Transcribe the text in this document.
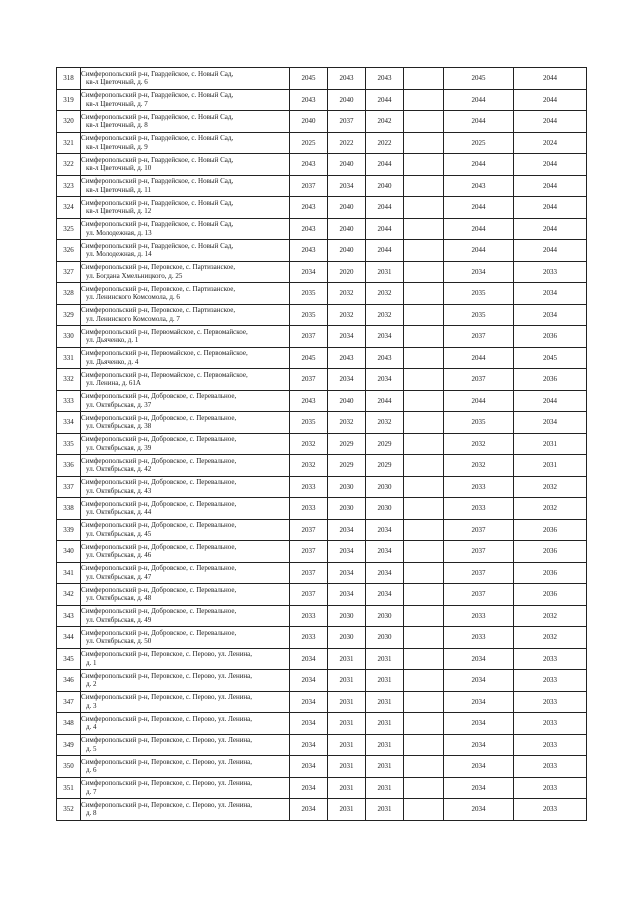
318	Симферопольский р-н, Гвардейское, с. Новый Сад,
кв-л Цветочный, д. 6	2045	2043	2043		2045	2044
319	Симферопольский р-н, Гвардейское, с. Новый Сад,
кв-л Цветочный, д. 7	2043	2040	2044		2044	2044
320	Симферопольский р-н, Гвардейское, с. Новый Сад,
кв-л Цветочный, д. 8	2040	2037	2042		2044	2044
321	Симферопольский р-н, Гвардейское, с. Новый Сад,
кв-л Цветочный, д. 9	2025	2022	2022		2025	2024
322	Симферопольский р-н, Гвардейское, с. Новый Сад,
кв-л Цветочный, д. 10	2043	2040	2044		2044	2044
323	Симферопольский р-н, Гвардейское, с. Новый Сад,
кв-л Цветочный, д. 11	2037	2034	2040		2043	2044
324	Симферопольский р-н, Гвардейское, с. Новый Сад,
кв-л Цветочный, д. 12	2043	2040	2044		2044	2044
325	Симферопольский р-н, Гвардейское, с. Новый Сад,
ул. Молодежная, д. 13	2043	2040	2044		2044	2044
326	Симферопольский р-н, Гвардейское, с. Новый Сад,
ул. Молодежная, д. 14	2043	2040	2044		2044	2044
327	Симферопольский р-н, Перовское, с. Партизанское,
ул. Богдана Хмельницкого, д. 25	2034	2020	2031		2034	2033
328	Симферопольский р-н, Перовское, с. Партизанское,
ул. Ленинского Комсомола, д. 6	2035	2032	2032		2035	2034
329	Симферопольский р-н, Перовское, с. Партизанское,
ул. Ленинского Комсомола, д. 7	2035	2032	2032		2035	2034
330	Симферопольский р-н, Первомайское, с. Первомайское,
ул. Дьяченко, д. 1	2037	2034	2034		2037	2036
331	Симферопольский р-н, Первомайское, с. Первомайское,
ул. Дьяченко, д. 4	2045	2043	2043		2044	2045
332	Симферопольский р-н, Первомайское, с. Первомайское,
ул. Ленина, д. 61А	2037	2034	2034		2037	2036
333	Симферопольский р-н, Добровское, с. Перевальное,
ул. Октябрьская, д. 37	2043	2040	2044		2044	2044
334	Симферопольский р-н, Добровское, с. Перевальное,
ул. Октябрьская, д. 38	2035	2032	2032		2035	2034
335	Симферопольский р-н, Добровское, с. Перевальное,
ул. Октябрьская, д. 39	2032	2029	2029		2032	2031
336	Симферопольский р-н, Добровское, с. Перевальное,
ул. Октябрьская, д. 42	2032	2029	2029		2032	2031
337	Симферопольский р-н, Добровское, с. Перевальное,
ул. Октябрьская, д. 43	2033	2030	2030		2033	2032
338	Симферопольский р-н, Добровское, с. Перевальное,
ул. Октябрьская, д. 44	2033	2030	2030		2033	2032
339	Симферопольский р-н, Добровское, с. Перевальное,
ул. Октябрьская, д. 45	2037	2034	2034		2037	2036
340	Симферопольский р-н, Добровское, с. Перевальное,
ул. Октябрьская, д. 46	2037	2034	2034		2037	2036
341	Симферопольский р-н, Добровское, с. Перевальное,
ул. Октябрьская, д. 47	2037	2034	2034		2037	2036
342	Симферопольский р-н, Добровское, с. Перевальное,
ул. Октябрьская, д. 48	2037	2034	2034		2037	2036
343	Симферопольский р-н, Добровское, с. Перевальное,
ул. Октябрьская, д. 49	2033	2030	2030		2033	2032
344	Симферопольский р-н, Добровское, с. Перевальное,
ул. Октябрьская, д. 50	2033	2030	2030		2033	2032
345	Симферопольский р-н, Перовское, с. Перово, ул. Ленина,
д. 1	2034	2031	2031		2034	2033
346	Симферопольский р-н, Перовское, с. Перово, ул. Ленина,
д. 2	2034	2031	2031		2034	2033
347	Симферопольский р-н, Перовское, с. Перово, ул. Ленина,
д. 3	2034	2031	2031		2034	2033
348	Симферопольский р-н, Перовское, с. Перово, ул. Ленина,
д. 4	2034	2031	2031		2034	2033
349	Симферопольский р-н, Перовское, с. Перово, ул. Ленина,
д. 5	2034	2031	2031		2034	2033
350	Симферопольский р-н, Перовское, с. Перово, ул. Ленина,
д. 6	2034	2031	2031		2034	2033
351	Симферопольский р-н, Перовское, с. Перово, ул. Ленина,
д. 7	2034	2031	2031		2034	2033
352	Симферопольский р-н, Перовское, с. Перово, ул. Ленина,
д. 8	2034	2031	2031		2034	2033
